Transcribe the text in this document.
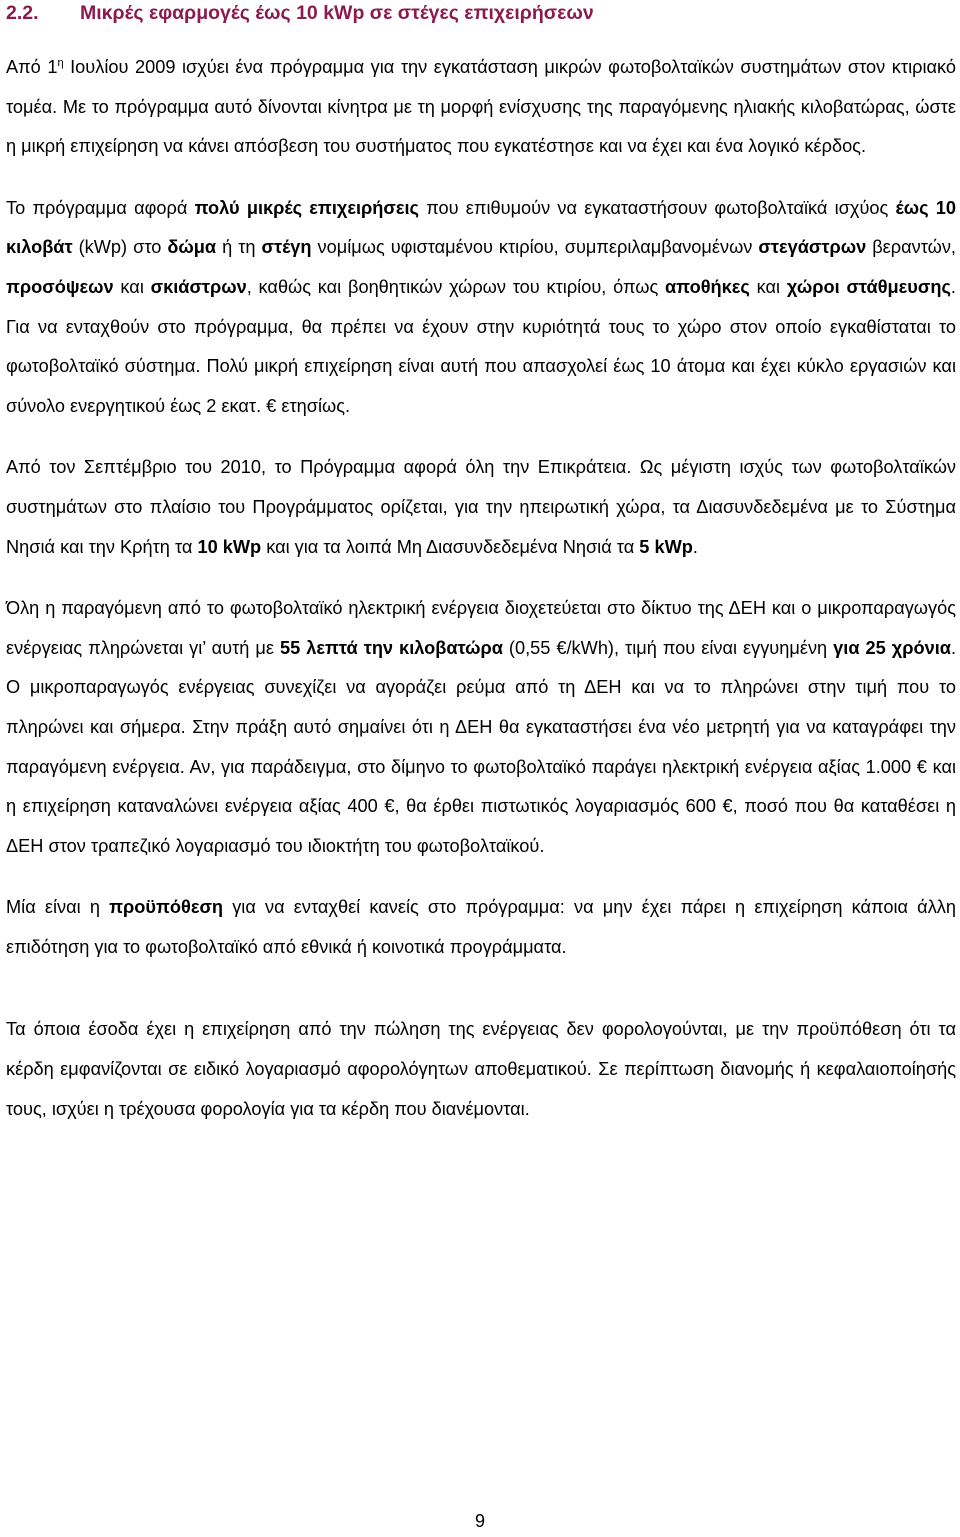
2.2. Μικρές εφαρμογές έως 10 kWp σε στέγες επιχειρήσεων

Από $1^\eta$ Ιουλίου 2009 ισχύει ένα πρόγραμμα για την εγκατάσταση μικρών φωτοβολταϊκών συστημάτων στον κτιριακό τομέα. Με το πρόγραμμα αυτό δίνονται κίνητρα με τη μορφή ενίσχυσης της παραγόμενης ηλιακής κιλοβατώρας, ώστε η μικρή επιχείρηση να κάνει απόσβεση του συστήματος που εγκατέστησε και να έχει και ένα λογικό κέρδος.

Το πρόγραμμα αφορά πολύ μικρές επιχειρήσεις που επιθυμούν να εγκαταστήσουν φωτοβολταϊκά ισχύος έως 10 κιλοβάτ (kWp) στο δώμα ή τη στέγη νομίμως υφισταμένου κτιρίου, συμπεριλαμβανομένων στεγάστρων βεραντών, προσόψεων και σκιάστρων, καθώς και βοηθητικών χώρων του κτιρίου, όπως αποθήκες και χώροι στάθμευσης. Για να ενταχθούν στο πρόγραμμα, θα πρέπει να έχουν στην κυριότητά τους το χώρο στον οποίο εγκαθίσταται το φωτοβολταϊκό σύστημα. Πολύ μικρή επιχείρηση είναι αυτή που απασχολεί έως 10 άτομα και έχει κύκλο εργασιών και σύνολο ενεργητικού έως 2 εκατ. € ετησίως.

Από τον Σεπτέμβριο του 2010, το Πρόγραμμα αφορά όλη την Επικράτεια. Ως μέγιστη ισχύς των φωτοβολταϊκών συστημάτων στο πλαίσιο του Προγράμματος ορίζεται, για την ηπειρωτική χώρα, τα Διασυνδεδεμένα με το Σύστημα Νησιά και την Κρήτη τα 10 kWp και για τα λοιπά Μη Διασυνδεδεμένα Νησιά τα 5 kWp.

Όλη η παραγόμενη από το φωτοβολταϊκό ηλεκτρική ενέργεια διοχετεύεται στο δίκτυο της ΔΕΗ και ο μικροπαραγωγός ενέργειας πληρώνεται γι’ αυτή με 55 λεπτά την κιλοβατώρα (0,55 €/kWh), τιμή που είναι εγγυημένη για 25 χρόνια. Ο μικροπαραγωγός ενέργειας συνεχίζει να αγοράζει ρεύμα από τη ΔΕΗ και να το πληρώνει στην τιμή που το πληρώνει και σήμερα. Στην πράξη αυτό σημαίνει ότι η ΔΕΗ θα εγκαταστήσει ένα νέο μετρητή για να καταγράφει την παραγόμενη ενέργεια. Αν, για παράδειγμα, στο δίμηνο το φωτοβολταϊκό παράγει ηλεκτρική ενέργεια αξίας 1.000 € και η επιχείρηση καταναλώνει ενέργεια αξίας 400 €, θα έρθει πιστωτικός λογαριασμός 600 €, ποσό που θα καταθέσει η ΔΕΗ στον τραπεζικό λογαριασμό του ιδιοκτήτη του φωτοβολταϊκού.

Μία είναι η προϋπόθεση για να ενταχθεί κανείς στο πρόγραμμα: να μην έχει πάρει η επιχείρηση κάποια άλλη επιδότηση για το φωτοβολταϊκό από εθνικά ή κοινοτικά προγράμματα.

Τα όποια έσοδα έχει η επιχείρηση από την πώληση της ενέργειας δεν φορολογούνται, με την προϋπόθεση ότι τα κέρδη εμφανίζονται σε ειδικό λογαριασμό αφορολόγητων αποθεματικού. Σε περίπτωση διανομής ή κεφαλαιοποίησής τους, ισχύει η τρέχουσα φορολογία για τα κέρδη που διανέμονται.

9
